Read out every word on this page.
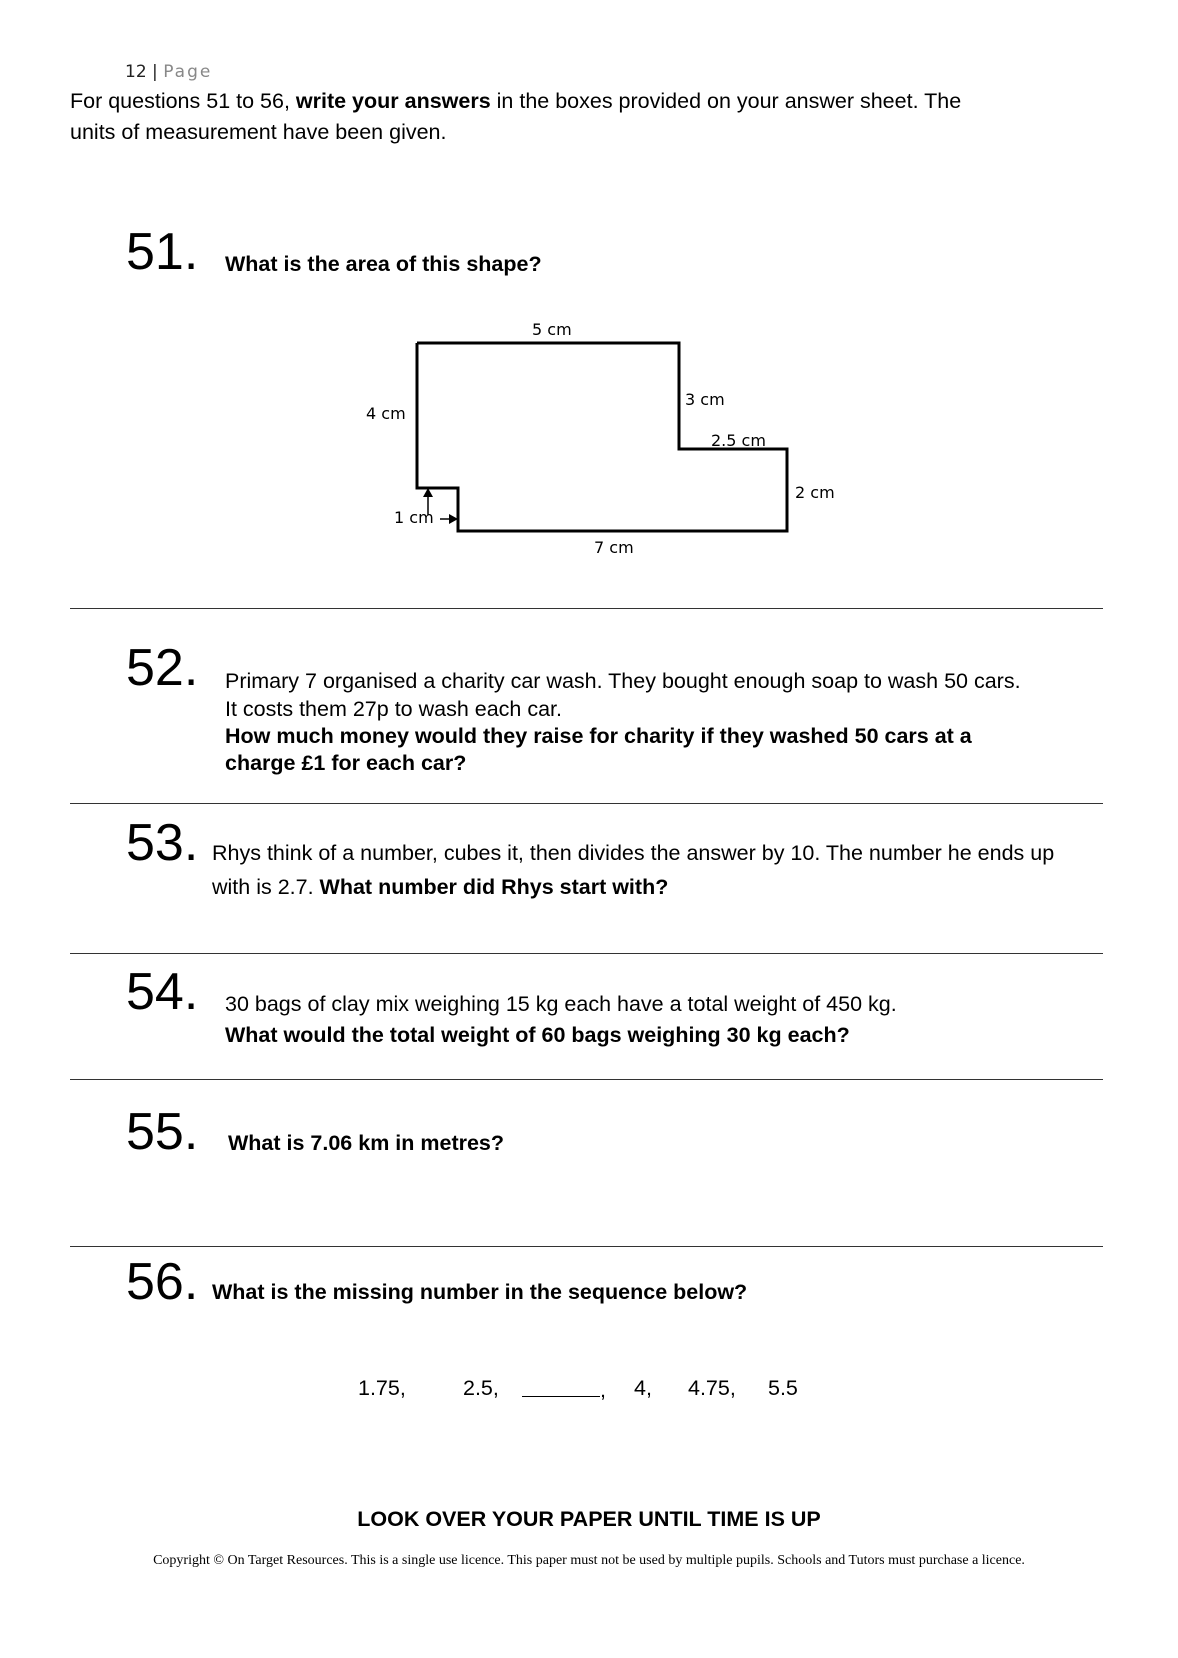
12 | Page
For questions 51 to 56, write your answers in the boxes provided on your answer sheet. The
units of measurement have been given.
51. What is the area of this shape?
5 cm
4 cm
3 cm
2.5 cm
2 cm
1 cm
7 cm
52. Primary 7 organised a charity car wash. They bought enough soap to wash 50 cars.
It costs them 27p to wash each car.
How much money would they raise for charity if they washed 50 cars at a
charge £1 for each car?
53. Rhys think of a number, cubes it, then divides the answer by 10. The number he ends up
with is 2.7. What number did Rhys start with?
54. 30 bags of clay mix weighing 15 kg each have a total weight of 450 kg.
What would the total weight of 60 bags weighing 30 kg each?
55. What is 7.06 km in metres?
56. What is the missing number in the sequence below?
1.75,	2.5,	, 4, 4.75, 5.5
LOOK OVER YOUR PAPER UNTIL TIME IS UP
Copyright © On Target Resources. This is a single use licence. This paper must not be used by multiple pupils. Schools and Tutors must purchase a licence.
